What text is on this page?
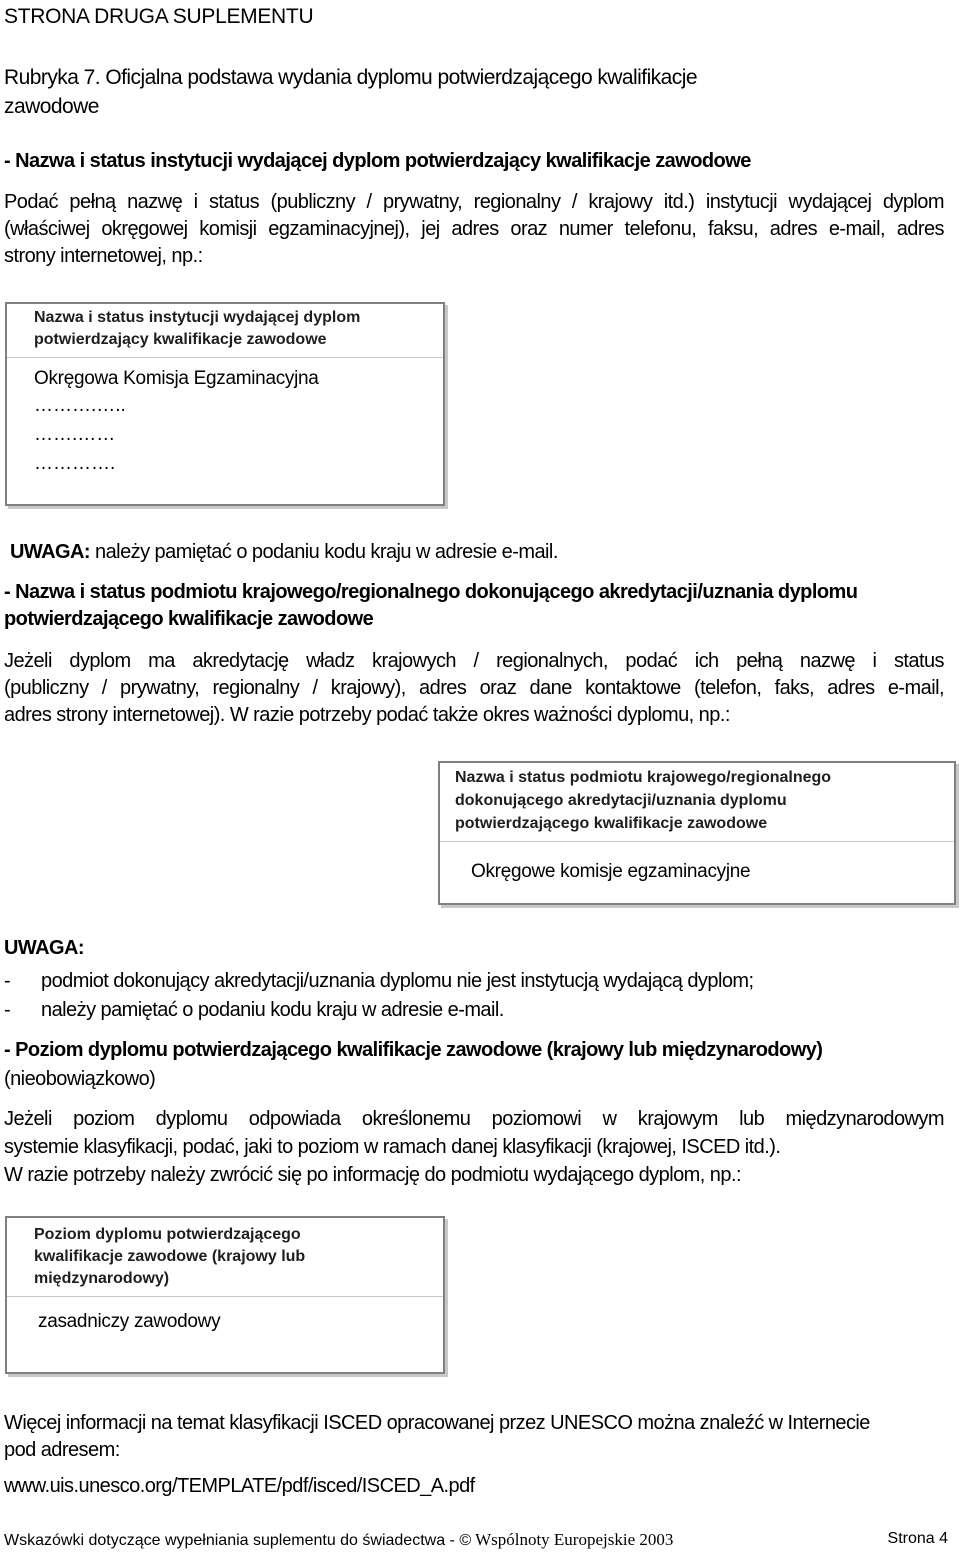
STRONA DRUGA SUPLEMENTU
Rubryka 7. Oficjalna podstawa wydania dyplomu potwierdzającego kwalifikacje
zawodowe
- Nazwa i status instytucji wydającej dyplom potwierdzający kwalifikacje zawodowe
Podać pełną nazwę i status (publiczny / prywatny, regionalny / krajowy itd.) instytucji wydającej dyplom
(właściwej okręgowej komisji egzaminacyjnej), jej adres oraz numer telefonu, faksu, adres e-mail, adres
strony internetowej, np.:
Nazwa i status instytucji wydającej dyplom
potwierdzający kwalifikacje zawodowe
Okręgowa Komisja Egzaminacyjna
……….…..
…….……
………….
UWAGA: należy pamiętać o podaniu kodu kraju w adresie e-mail.
- Nazwa i status podmiotu krajowego/regionalnego dokonującego akredytacji/uznania dyplomu
potwierdzającego kwalifikacje zawodowe
Jeżeli dyplom ma akredytację władz krajowych / regionalnych, podać ich pełną nazwę i status
(publiczny / prywatny, regionalny / krajowy), adres oraz dane kontaktowe (telefon, faks, adres e-mail,
adres strony internetowej). W razie potrzeby podać także okres ważności dyplomu, np.:
Nazwa i status podmiotu krajowego/regionalnego
dokonującego akredytacji/uznania dyplomu
potwierdzającego kwalifikacje zawodowe
Okręgowe komisje egzaminacyjne
UWAGA:
- podmiot dokonujący akredytacji/uznania dyplomu nie jest instytucją wydającą dyplom;
- należy pamiętać o podaniu kodu kraju w adresie e-mail.
- Poziom dyplomu potwierdzającego kwalifikacje zawodowe (krajowy lub międzynarodowy)
(nieobowiązkowo)
Jeżeli poziom dyplomu odpowiada określonemu poziomowi w krajowym lub międzynarodowym
systemie klasyfikacji, podać, jaki to poziom w ramach danej klasyfikacji (krajowej, ISCED itd.).
W razie potrzeby należy zwrócić się po informację do podmiotu wydającego dyplom, np.:
Poziom dyplomu potwierdzającego
kwalifikacje zawodowe (krajowy lub
międzynarodowy)
zasadniczy zawodowy
Więcej informacji na temat klasyfikacji ISCED opracowanej przez UNESCO można znaleźć w Internecie
pod adresem:
www.uis.unesco.org/TEMPLATE/pdf/isced/ISCED_A.pdf
Wskazówki dotyczące wypełniania suplementu do świadectwa - © Wspólnoty Europejskie 2003	Strona 4
